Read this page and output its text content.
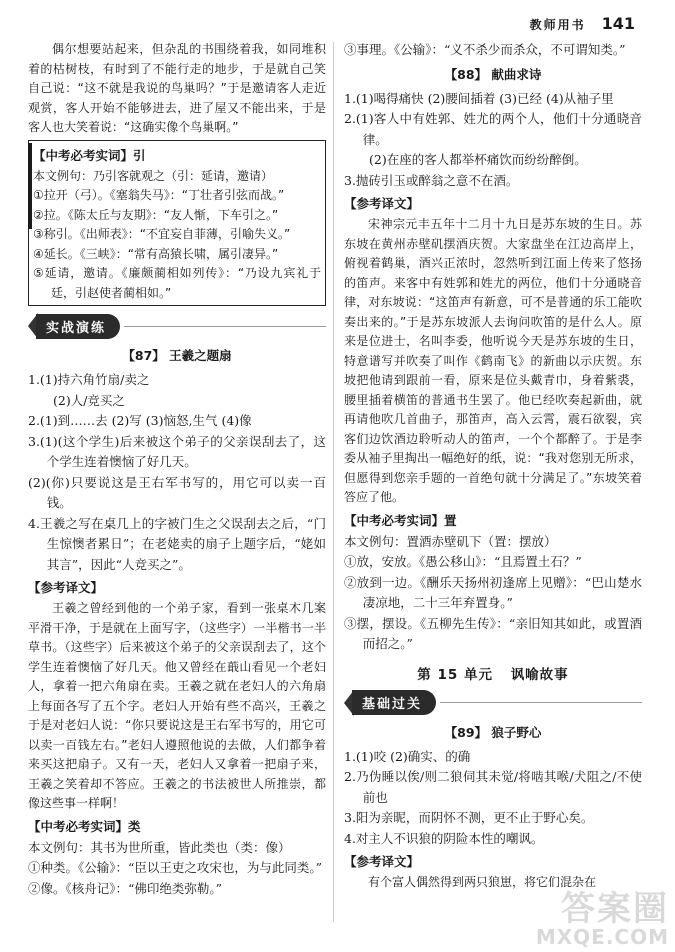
教师用书 141

偶尔想要站起来，但杂乱的书围绕着我，如同堆积着的枯树枝，有时到了不能行走的地步，于是就自己笑自己说：“这不就是我说的鸟巢吗？”于是邀请客人走近观赏，客人开始不能够进去，进了屋又不能出来，于是客人也大笑着说：“这确实像个鸟巢啊。”

【中考必考实词】引

本文例句：乃引客就观之（引：延请，邀请）

①拉开（弓）。《塞翁失马》：“丁壮者引弦而战。”

②拉。《陈太丘与友期》：“友人惭，下车引之。”

③称引。《出师表》：“不宜妄自菲薄，引喻失义。”

④延长。《三峡》：“常有高猿长啸，属引凄异。”

⑤延请，邀请。《廉颇蔺相如列传》：“乃设九宾礼于廷，引赵使者蔺相如。”

实战演练
【87】 王羲之题扇

1.(1)持六角竹扇/卖之

(2)人/竞买之

2.(1)到……去 (2)写 (3)恼怒,生气 (4)像

3.(1)(这个学生)后来被这个弟子的父亲误刮去了，这个学生连着懊恼了好几天。

(2)(你)只要说这是王右军书写的，用它可以卖一百钱。

4.王羲之写在桌几上的字被门生之父误刮去之后，“门生惊懊者累日”；在老姥卖的扇子上题字后，“姥如其言”，因此“人竞买之”。

【参考译文】

王羲之曾经到他的一个弟子家，看到一张桌木几案平滑干净，于是就在上面写字，（这些字）一半楷书一半草书。（这些字）后来被这个弟子的父亲误刮去了，这个学生连着懊恼了好几天。他又曾经在蕺山看见一个老妇人，拿着一把六角扇在卖。王羲之就在老妇人的六角扇上每面各写了五个字。老妇人开始有些不高兴，王羲之于是对老妇人说：“你只要说这是王右军书写的，用它可以卖一百钱左右。”老妇人遵照他说的去做，人们都争着来买这把扇子。又有一天，老妇人又拿着一把扇子来，王羲之笑着却不答应。王羲之的书法被世人所推崇，都像这些事一样啊！

【中考必考实词】类

本文例句：其书为世所重，皆此类也（类：像）

①种类。《公输》：“臣以王吏之攻宋也，为与此同类。”

②像。《核舟记》：“佛印绝类弥勒。”

③事理。《公输》：“义不杀少而杀众，不可谓知类。”

【88】 献曲求诗

1.(1)喝得痛快 (2)腰间插着 (3)已经 (4)从袖子里

2.(1)客人中有姓郭、姓尤的两个人，他们十分通晓音律。

(2)在座的客人都举杯痛饮而纷纷醉倒。

3.抛砖引玉或醉翁之意不在酒。

【参考译文】

宋神宗元丰五年十二月十九日是苏东坡的生日。苏东坡在黄州赤壁矶摆酒庆贺。大家盘坐在江边高岸上，俯视着鹤巢，酒兴正浓时，忽然听到江面上传来了悠扬的笛声。来客中有姓郭和姓尤的两位，他们十分通晓音律，对东坡说：“这笛声有新意，可不是普通的乐工能吹奏出来的。”于是苏东坡派人去询问吹笛的是什么人。原来是位进士，名叫李委，他听说今天是苏东坡的生日，特意谱写并吹奏了叫作《鹤南飞》的新曲以示庆贺。东坡把他请到跟前一看，原来是位头戴青巾，身着紫裘，腰里插着横笛的普通书生罢了。他已经吹奏起新曲，就再请他吹几首曲子，那笛声，高入云霄，震石欲裂，宾客们边饮酒边聆听动人的笛声，一个个都醉了。于是李委从袖子里掏出一幅绝好的纸，说：“我对您别无所求，但愿得到您亲手题的一首绝句就十分满足了。”东坡笑着答应了他。

【中考必考实词】置

本文例句：置酒赤壁矶下（置：摆放）

①放，安放。《愚公移山》：“且焉置土石？”

②放到一边。《酬乐天扬州初逢席上见赠》：“巴山楚水凄凉地，二十三年弃置身。”

③摆，摆设。《五柳先生传》：“亲旧知其如此，或置酒而招之。”

第 15 单元 讽喻故事
基础过关
【89】 狼子野心

1.(1)咬 (2)确实、的确

2.乃伪睡以俟/则二狼伺其未觉/将啮其喉/犬阻之/不使前也

3.阳为亲昵，而阴怀不测，更不止于野心矣。

4.对主人不识狼的阴险本性的嘲讽。

【参考译文】

有个富人偶然得到两只狼崽，将它们混杂在

答案圈
MXQE.COM
